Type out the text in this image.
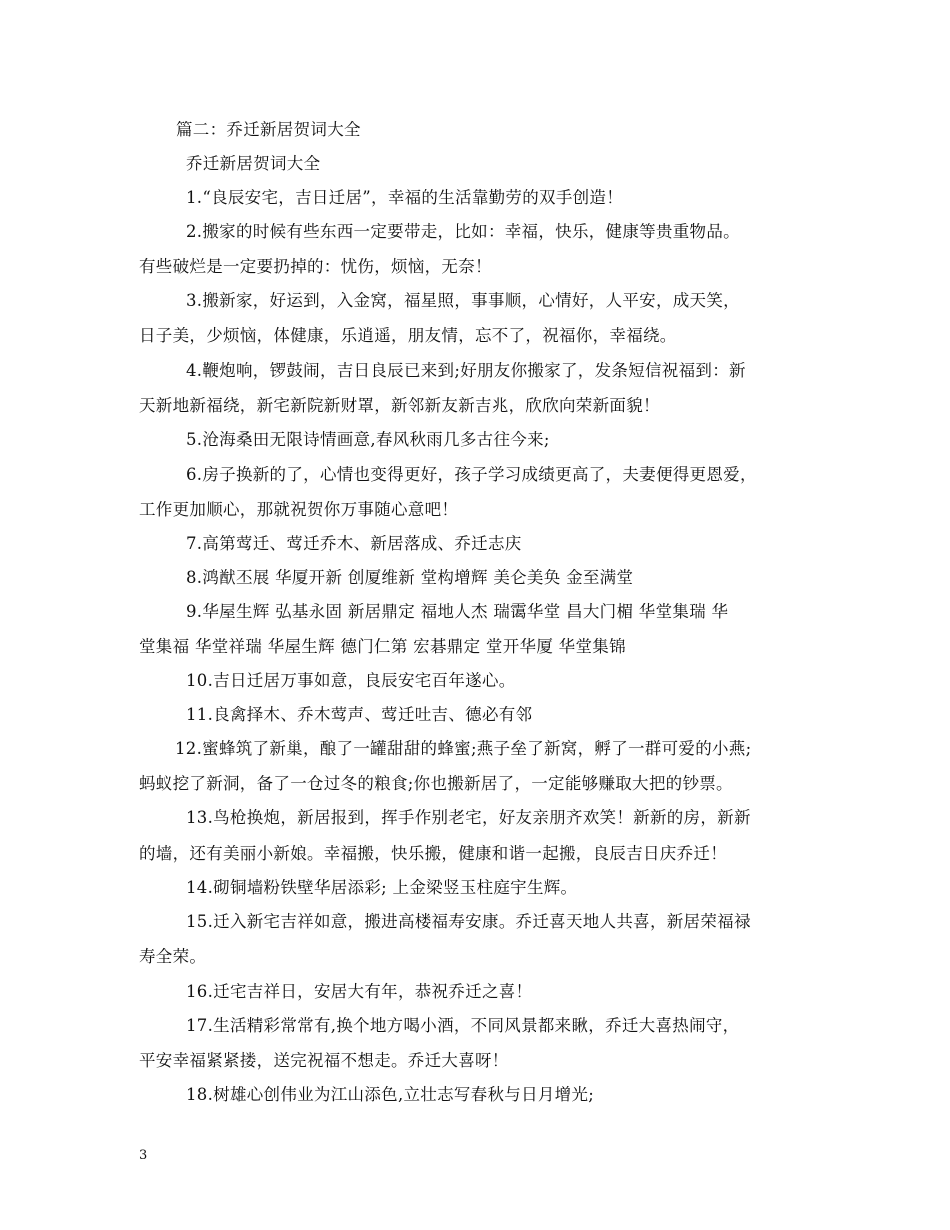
篇二：乔迁新居贺词大全
乔迁新居贺词大全
1.“良辰安宅，吉日迁居”，幸福的生活靠勤劳的双手创造！
2.搬家的时候有些东西一定要带走，比如：幸福，快乐，健康等贵重物品。
有些破烂是一定要扔掉的：忧伤，烦恼，无奈！
3.搬新家，好运到，入金窝，福星照，事事顺，心情好，人平安，成天笑，
日子美，少烦恼，体健康，乐逍遥，朋友情，忘不了，祝福你，幸福绕。
4.鞭炮响，锣鼓闹，吉日良辰已来到;好朋友你搬家了，发条短信祝福到：新
天新地新福绕，新宅新院新财罩，新邻新友新吉兆，欣欣向荣新面貌！
5.沧海桑田无限诗情画意,春风秋雨几多古往今来;
6.房子换新的了，心情也变得更好，孩子学习成绩更高了，夫妻便得更恩爱，
工作更加顺心，那就祝贺你万事随心意吧！
7.高第莺迁、莺迁乔木、新居落成、乔迁志庆
8.鸿猷丕展 华厦开新 创厦维新 堂构增辉 美仑美奂 金至满堂
9.华屋生辉 弘基永固 新居鼎定 福地人杰 瑞霭华堂 昌大门楣 华堂集瑞 华
堂集福 华堂祥瑞 华屋生辉 德门仁第 宏碁鼎定 堂开华厦 华堂集锦
10.吉日迁居万事如意，良辰安宅百年遂心。
11.良禽择木、乔木莺声、莺迁吐吉、德必有邻
12.蜜蜂筑了新巢，酿了一罐甜甜的蜂蜜;燕子垒了新窝，孵了一群可爱的小燕;
蚂蚁挖了新洞，备了一仓过冬的粮食;你也搬新居了，一定能够赚取大把的钞票。
13.鸟枪换炮，新居报到，挥手作别老宅，好友亲朋齐欢笑！新新的房，新新
的墙，还有美丽小新娘。幸福搬，快乐搬，健康和谐一起搬，良辰吉日庆乔迁！
14.砌铜墙粉铁壁华居添彩; 上金梁竖玉柱庭宇生辉。
15.迁入新宅吉祥如意，搬进高楼福寿安康。乔迁喜天地人共喜，新居荣福禄
寿全荣。
16.迁宅吉祥日，安居大有年，恭祝乔迁之喜！
17.生活精彩常常有,换个地方喝小酒，不同风景都来瞅，乔迁大喜热闹守，
平安幸福紧紧搂，送完祝福不想走。乔迁大喜呀！
18.树雄心创伟业为江山添色,立壮志写春秋与日月增光;
3
